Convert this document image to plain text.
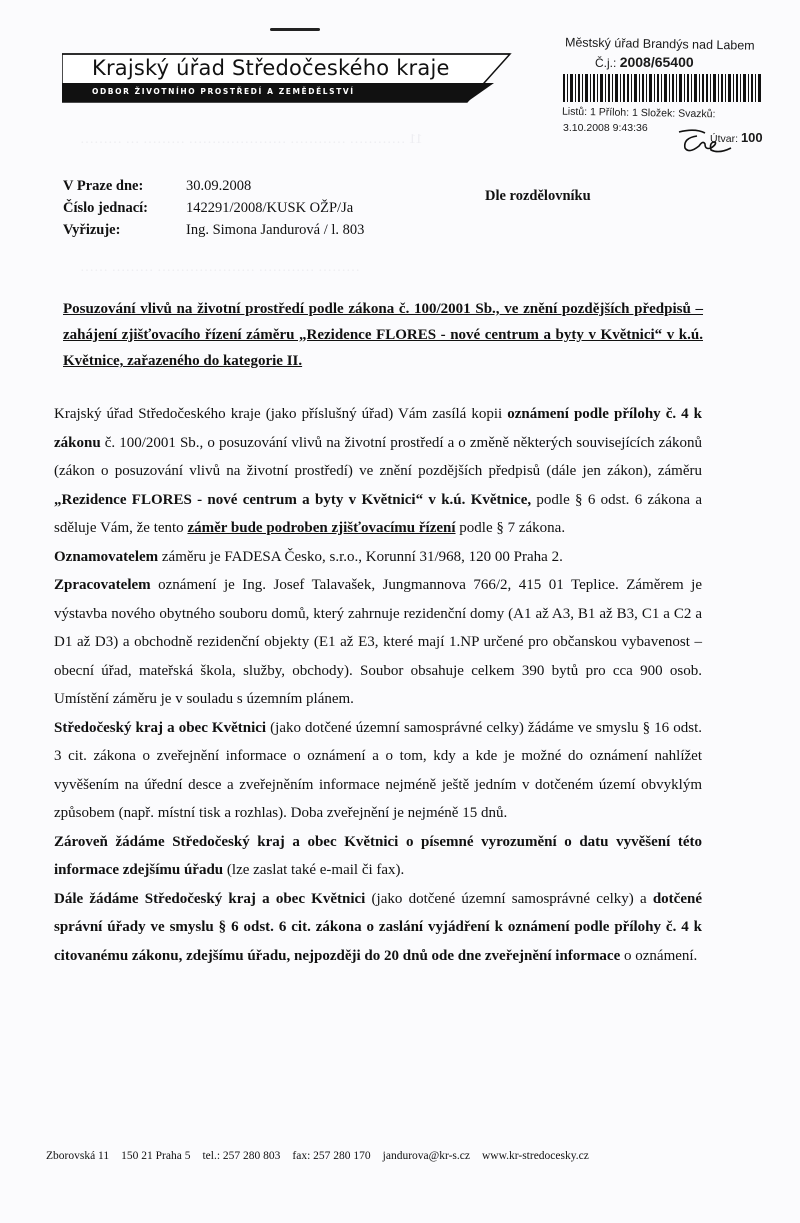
Krajský úřad Středočeského kraje
ODBOR ŽIVOTNÍHO PROSTŘEDÍ A ZEMĚDĚLSTVÍ
Městský úřad Brandýs nad Labem
Č.j.: 2008/65400
Listů: 1 Příloh: 1 Složek: Svazků:
3.10.2008 9:43:36
Útvar: 100
11 ………… ………… ………………… ……… … ………
……… ………… ………………… ……… ……
V Praze dne:	30.09.2008
Číslo jednací:	142291/2008/KUSK OŽP/Ja
Vyřizuje:	Ing. Simona Jandurová / l. 803
Dle rozdělovníku
Posuzování vlivů na životní prostředí podle zákona č. 100/2001 Sb., ve znění pozdějších předpisů – zahájení zjišťovacího řízení záměru „Rezidence FLORES - nové centrum a byty v Květnici“ v k.ú. Květnice, zařazeného do kategorie II.

Krajský úřad Středočeského kraje (jako příslušný úřad) Vám zasílá kopii oznámení podle přílohy č. 4 k zákonu č. 100/2001 Sb., o posuzování vlivů na životní prostředí a o změně některých souvisejících zákonů (zákon o posuzování vlivů na životní prostředí) ve znění pozdějších předpisů (dále jen zákon), záměru „Rezidence FLORES - nové centrum a byty v Květnici“ v k.ú. Květnice, podle § 6 odst. 6 zákona a sděluje Vám, že tento záměr bude podroben zjišťovacímu řízení podle § 7 zákona.

Oznamovatelem záměru je FADESA Česko, s.r.o., Korunní 31/968, 120 00 Praha 2.

Zpracovatelem oznámení je Ing. Josef Talavašek, Jungmannova 766/2, 415 01 Teplice. Záměrem je výstavba nového obytného souboru domů, který zahrnuje rezidenční domy (A1 až A3, B1 až B3, C1 a C2 a D1 až D3) a obchodně rezidenční objekty (E1 až E3, které mají 1.NP určené pro občanskou vybavenost – obecní úřad, mateřská škola, služby, obchody). Soubor obsahuje celkem 390 bytů pro cca 900 osob. Umístění záměru je v souladu s územním plánem.

Středočeský kraj a obec Květnici (jako dotčené územní samosprávné celky) žádáme ve smyslu § 16 odst. 3 cit. zákona o zveřejnění informace o oznámení a o tom, kdy a kde je možné do oznámení nahlížet vyvěšením na úřední desce a zveřejněním informace nejméně ještě jedním v dotčeném území obvyklým způsobem (např. místní tisk a rozhlas). Doba zveřejnění je nejméně 15 dnů.

Zároveň žádáme Středočeský kraj a obec Květnici o písemné vyrozumění o datu vyvěšení této informace zdejšímu úřadu (lze zaslat také e-mail či fax).

Dále žádáme Středočeský kraj a obec Květnici (jako dotčené územní samosprávné celky) a dotčené správní úřady ve smyslu § 6 odst. 6 cit. zákona o zaslání vyjádření k oznámení podle přílohy č. 4 k citovanému zákonu, zdejšímu úřadu, nejpozději do 20 dnů ode dne zveřejnění informace o oznámení.

Zborovská 11 150 21 Praha 5 tel.: 257 280 803 fax: 257 280 170 jandurova@kr-s.cz www.kr-stredocesky.cz
